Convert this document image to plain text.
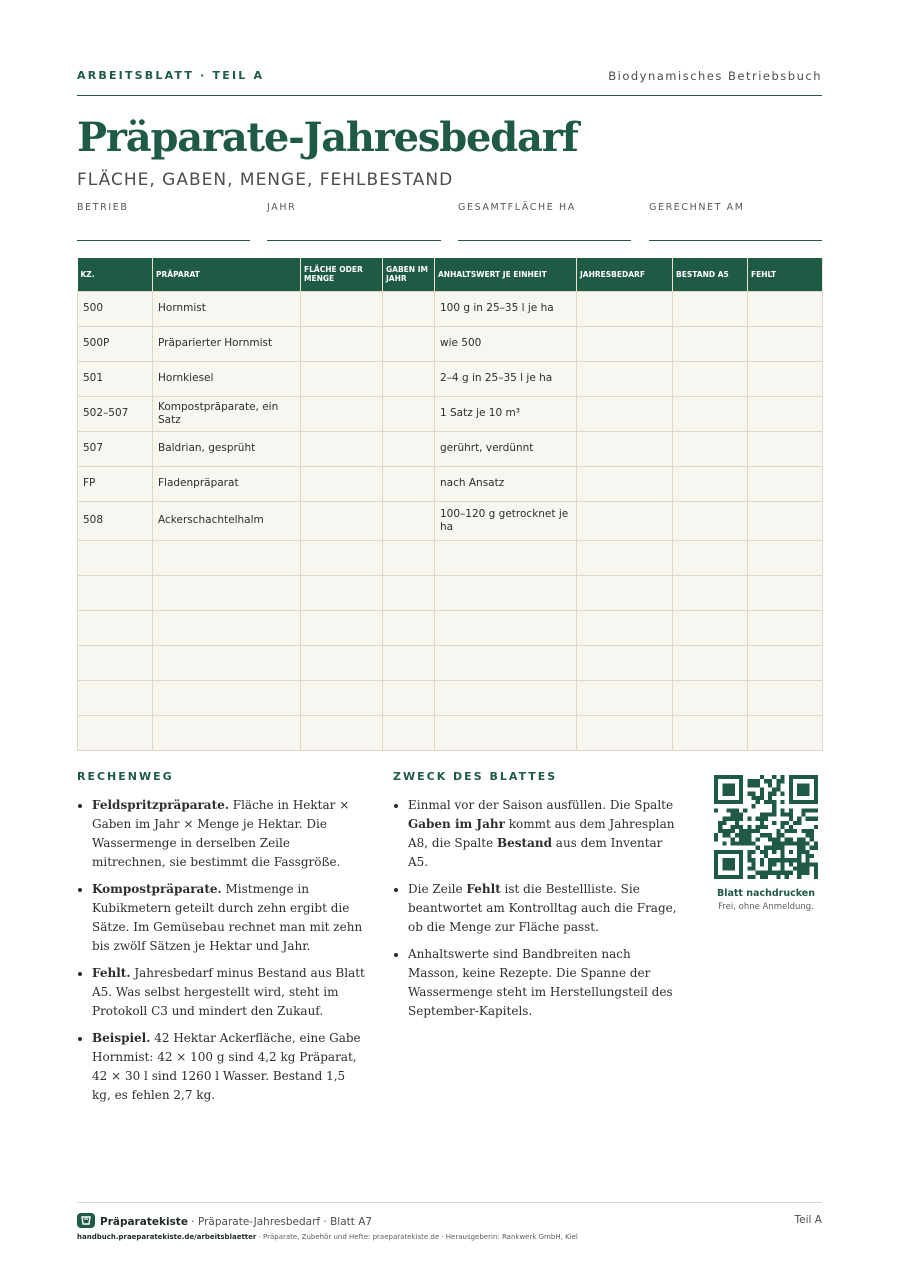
ARBEITSBLATT · TEIL A	Biodynamisches Betriebsbuch
Präparate-Jahresbedarf
FLÄCHE, GABEN, MENGE, FEHLBESTAND
BETRIEB	JAHR	GESAMTFLÄCHE HA	GERECHNET AM
KZ.	PRÄPARAT	FLÄCHE ODER MENGE	GABEN IM JAHR	ANHALTSWERT JE EINHEIT	JAHRESBEDARF	BESTAND A5	FEHLT
500	Hornmist			100 g in 25–35 l je ha			
500P	Präparierter Hornmist			wie 500			
501	Hornkiesel			2–4 g in 25–35 l je ha			
502–507	Kompostpräparate, ein Satz			1 Satz je 10 m³			
507	Baldrian, gesprüht			gerührt, verdünnt			
FP	Fladenpräparat			nach Ansatz			
508	Ackerschachtelhalm			100–120 g getrocknet je ha			

RECHENWEG
Feldspritzpräparate. Fläche in Hektar × Gaben im Jahr × Menge je Hektar. Die Wassermenge in derselben Zeile mitrechnen, sie bestimmt die Fassgröße.
Kompostpräparate. Mistmenge in Kubikmetern geteilt durch zehn ergibt die Sätze. Im Gemüsebau rechnet man mit zehn bis zwölf Sätzen je Hektar und Jahr.
Fehlt. Jahresbedarf minus Bestand aus Blatt A5. Was selbst hergestellt wird, steht im Protokoll C3 und mindert den Zukauf.
Beispiel. 42 Hektar Ackerfläche, eine Gabe Hornmist: 42 × 100 g sind 4,2 kg Präparat, 42 × 30 l sind 1260 l Wasser. Bestand 1,5 kg, es fehlen 2,7 kg.
ZWECK DES BLATTES
Einmal vor der Saison ausfüllen. Die Spalte Gaben im Jahr kommt aus dem Jahresplan A8, die Spalte Bestand aus dem Inventar A5.
Die Zeile Fehlt ist die Bestellliste. Sie beantwortet am Kontrolltag auch die Frage, ob die Menge zur Fläche passt.
Anhaltswerte sind Bandbreiten nach Masson, keine Rezepte. Die Spanne der Wassermenge steht im Herstellungsteil des September-Kapitels.
Blatt nachdrucken
Frei, ohne Anmeldung.
Präparatekiste · Präparate-Jahresbedarf · Blatt A7	Teil A
handbuch.praeparatekiste.de/arbeitsblaetter · Präparate, Zubehör und Hefte: praeparatekiste.de · Herausgeberin: Rankwerk GmbH, Kiel
